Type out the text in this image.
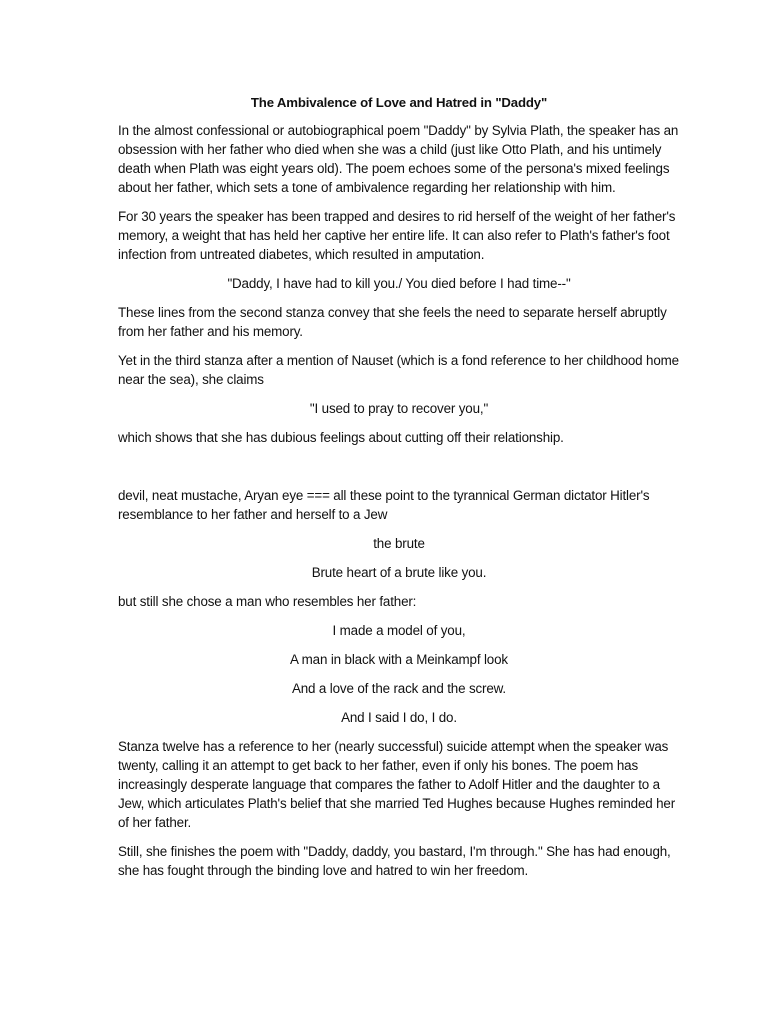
The Ambivalence of Love and Hatred in "Daddy"

In the almost confessional or autobiographical poem "Daddy" by Sylvia Plath, the speaker has an obsession with her father who died when she was a child (just like Otto Plath, and his untimely death when Plath was eight years old). The poem echoes some of the persona's mixed feelings about her father, which sets a tone of ambivalence regarding her relationship with him.

For 30 years the speaker has been trapped and desires to rid herself of the weight of her father's memory, a weight that has held her captive her entire life. It can also refer to Plath's father's foot infection from untreated diabetes, which resulted in amputation.

"Daddy, I have had to kill you./ You died before I had time--"

These lines from the second stanza convey that she feels the need to separate herself abruptly from her father and his memory.

Yet in the third stanza after a mention of Nauset (which is a fond reference to her childhood home near the sea), she claims

"I used to pray to recover you,"

which shows that she has dubious feelings about cutting off their relationship.

devil, neat mustache, Aryan eye === all these point to the tyrannical German dictator Hitler's resemblance to her father and herself to a Jew

the brute

Brute heart of a brute like you.

but still she chose a man who resembles her father:

I made a model of you,

A man in black with a Meinkampf look

And a love of the rack and the screw.

And I said I do, I do.

Stanza twelve has a reference to her (nearly successful) suicide attempt when the speaker was twenty, calling it an attempt to get back to her father, even if only his bones. The poem has increasingly desperate language that compares the father to Adolf Hitler and the daughter to a Jew, which articulates Plath's belief that she married Ted Hughes because Hughes reminded her of her father.

Still, she finishes the poem with "Daddy, daddy, you bastard, I'm through." She has had enough, she has fought through the binding love and hatred to win her freedom.
